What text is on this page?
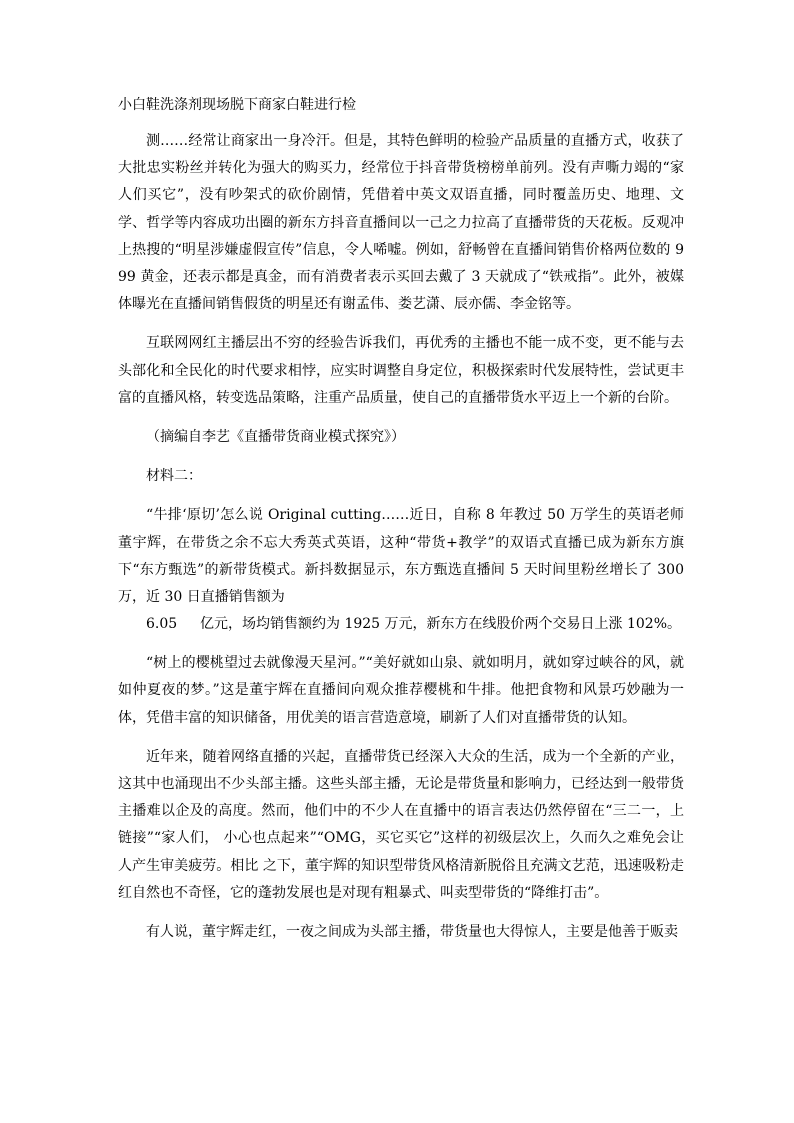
小白鞋洗涤剂现场脱下商家白鞋进行检

测……经常让商家出一身冷汗。但是，其特色鲜明的检验产品质量的直播方式，收获了大批忠实粉丝并转化为强大的购买力，经常位于抖音带货榜榜单前列。没有声嘶力竭的“家人们买它”，没有吵架式的砍价剧情，凭借着中英文双语直播，同时覆盖历史、地理、文学、哲学等内容成功出圈的新东方抖音直播间以一己之力拉高了直播带货的天花板。反观冲上热搜的“明星涉嫌虚假宣传”信息，令人唏嘘。例如，舒畅曾在直播间销售价格两位数的 999 黄金，还表示都是真金，而有消费者表示买回去戴了 3 天就成了“铁戒指”。此外，被媒体曝光在直播间销售假货的明星还有谢孟伟、娄艺潇、辰亦儒、李金铭等。

互联网网红主播层出不穷的经验告诉我们，再优秀的主播也不能一成不变，更不能与去头部化和全民化的时代要求相悖，应实时调整自身定位，积极探索时代发展特性，尝试更丰富的直播风格，转变选品策略，注重产品质量，使自己的直播带货水平迈上一个新的台阶。

（摘编自李艺《直播带货商业模式探究》）

材料二：

“牛排‘原切’怎么说 Original cutting……近日，自称 8 年教过 50 万学生的英语老师董宇辉，在带货之余不忘大秀英式英语，这种“带货+教学”的双语式直播已成为新东方旗下“东方甄选”的新带货模式。新抖数据显示，东方甄选直播间 5 天时间里粉丝增长了 300 万，近 30 日直播销售额为

6.05 亿元，场均销售额约为 1925 万元，新东方在线股价两个交易日上涨 102%。

“树上的樱桃望过去就像漫天星河。”“美好就如山泉、就如明月，就如穿过峡谷的风，就如仲夏夜的梦。”这是董宇辉在直播间向观众推荐樱桃和牛排。他把食物和风景巧妙融为一体，凭借丰富的知识储备，用优美的语言营造意境，刷新了人们对直播带货的认知。

近年来，随着网络直播的兴起，直播带货已经深入大众的生活，成为一个全新的产业，这其中也涌现出不少头部主播。这些头部主播，无论是带货量和影响力，已经达到一般带货主播难以企及的高度。然而，他们中的不少人在直播中的语言表达仍然停留在“三二一，上链接”“家人们， 小心也点起来”“OMG，买它买它”这样的初级层次上，久而久之难免会让人产生审美疲劳。相比 之下，董宇辉的知识型带货风格清新脱俗且充满文艺范，迅速吸粉走红自然也不奇怪，它的蓬勃发展也是对现有粗暴式、叫卖型带货的“降维打击”。

有人说，董宇辉走红，一夜之间成为头部主播，带货量也大得惊人，主要是他善于贩卖
